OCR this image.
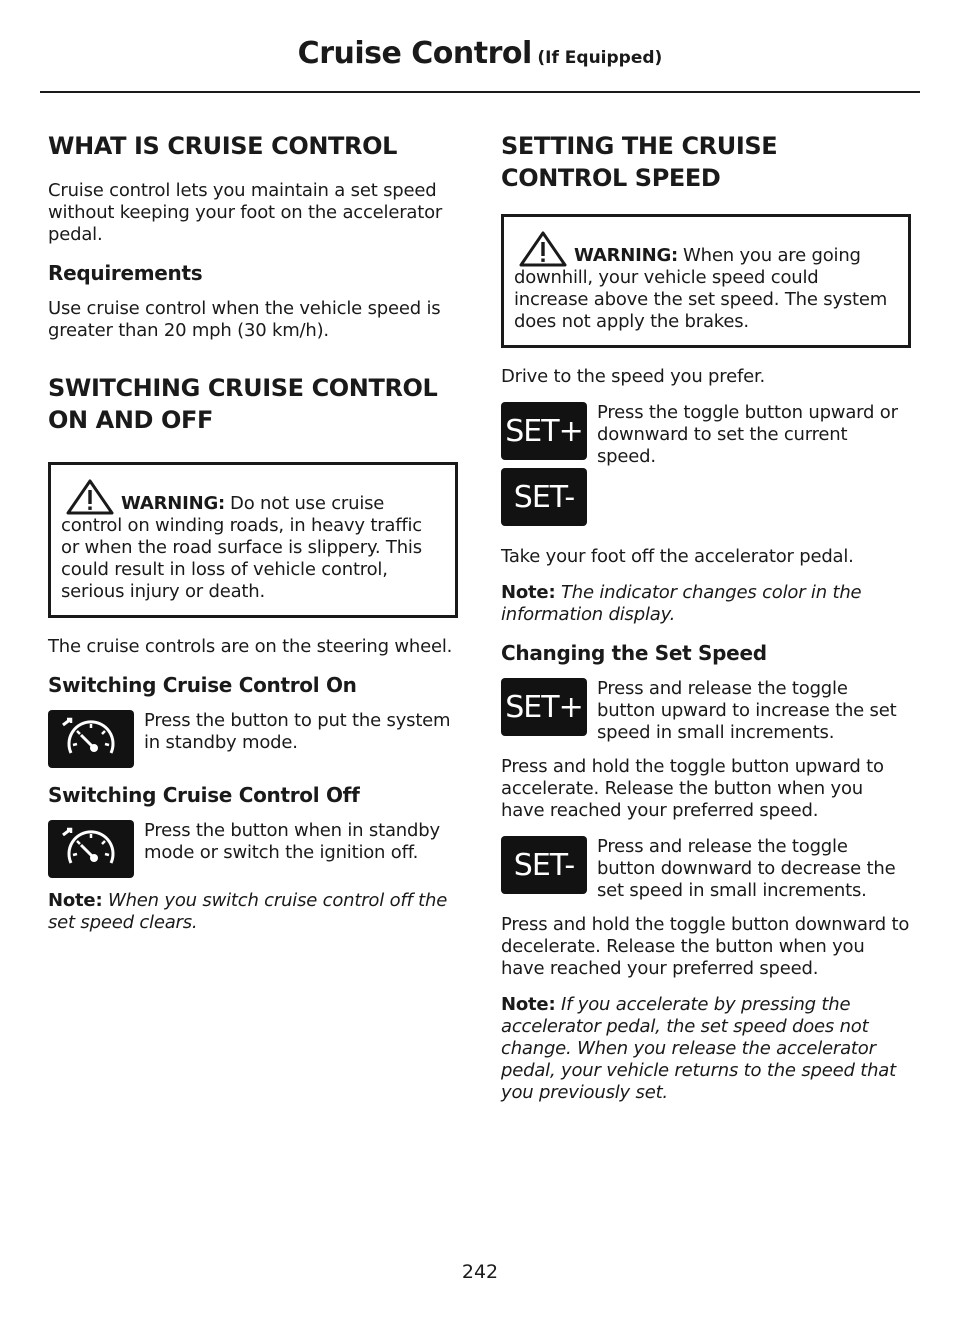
Cruise Control (If Equipped)
WHAT IS CRUISE CONTROL

Cruise control lets you maintain a set speed without keeping your foot on the accelerator pedal.

Requirements

Use cruise control when the vehicle speed is greater than 20 mph (30 km/h).

SWITCHING CRUISE CONTROL
ON AND OFF
WARNING: Do not use cruise
control on winding roads, in heavy traffic or when the road surface is slippery. This could result in loss of vehicle control, serious injury or death.

The cruise controls are on the steering wheel.

Switching Cruise Control On
Press the button to put the system in standby mode.
Switching Cruise Control Off
Press the button when in standby mode or switch the ignition off.

Note: When you switch cruise control off the set speed clears.

SETTING THE CRUISE
CONTROL SPEED
WARNING: When you are going
downhill, your vehicle speed could increase above the set speed. The system does not apply the brakes.

Drive to the speed you prefer.

SET+
SET-
Press the toggle button upward or downward to set the current speed.

Take your foot off the accelerator pedal.

Note: The indicator changes color in the information display.

Changing the Set Speed
SET+
Press and release the toggle button upward to increase the set speed in small increments.

Press and hold the toggle button upward to accelerate. Release the button when you have reached your preferred speed.

SET-
Press and release the toggle button downward to decrease the set speed in small increments.

Press and hold the toggle button downward to decelerate. Release the button when you have reached your preferred speed.

Note: If you accelerate by pressing the accelerator pedal, the set speed does not change. When you release the accelerator pedal, your vehicle returns to the speed that you previously set.

242
